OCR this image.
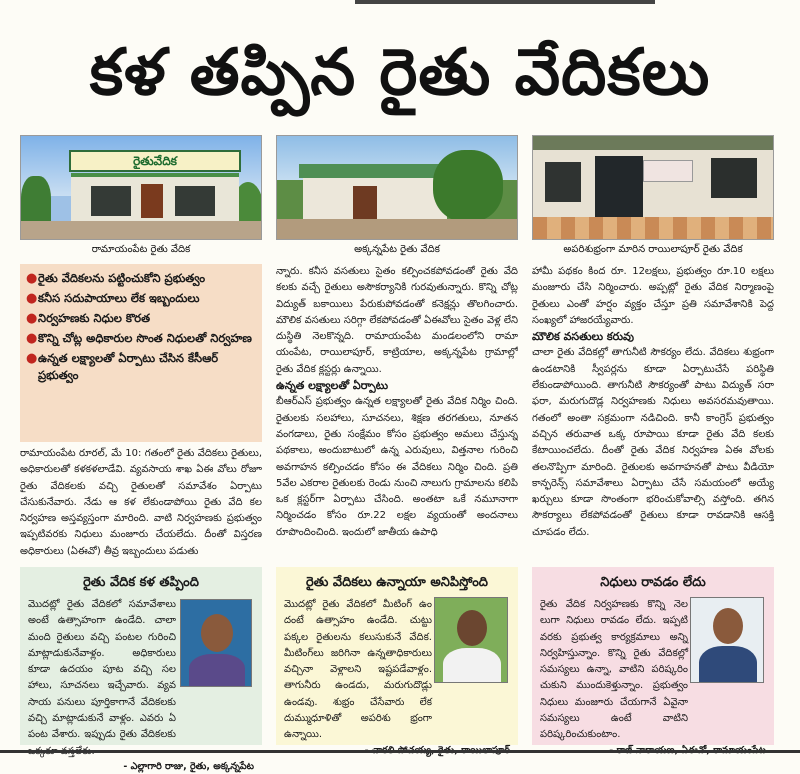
కళ తప్పిన రైతు వేదికలు
రైతువేదిక
రామాయంపేట రైతు వేదిక	అక్కన్నపేట రైతు వేదిక	అపరిశుభ్రంగా మారిన రాయిలాపూర్‌ రైతు వేదిక
● రైతు వేదికలను పట్టించుకోని ప్రభుత్వం
● కనీస సదుపాయాలు లేక ఇబ్బందులు
● నిర్వహణకు నిధుల కొరత
● కొన్ని చోట్ల అధికారుల సొంత నిధులతో నిర్వహణ
● ఉన్నత లక్ష్యాలతో ఏర్పాటు చేసిన కేసీఆర్‌ ప్రభుత్వం

రామాయంపేట రూరల్‌, మే 10: గతంలో రైతు వేదికలు రైతులు, అధికారులతో కళకళలాడేవి. వ్యవసాయ శాఖ ఏఈ వోలు రోజూ రైతు వేదికలకు వచ్చి రైతులతో సమావేశం ఏర్పాటు చేసుకునేవారు. నేడు ఆ కళ లేకుండాపోయి రైతు వేది కల నిర్వహణ అస్తవ్యస్తంగా మారింది. వాటి నిర్వహణకు ప్రభుత్వం ఇప్పటివరకు నిధులు మంజూరు చేయలేదు. దీంతో విస్తరణ అధికారులు (ఏఈవో) తీవ్ర ఇబ్బందులు పడుతు

న్నారు. కనీస వసతులు సైతం కల్పించకపోవడంతో రైతు వేది కలకు వచ్చే రైతులు అసౌకర్యానికి గురవుతున్నారు. కొన్ని చోట్ల విద్యుత్‌ బకాయిలు పేరుకుపోవడంతో కనెక్షన్లు తొలగించారు. మౌలిక వసతులు సరిగ్గా లేకపోవడంతో ఏఈవోలు సైతం వెళ్ల లేని దుస్థితి నెలకొన్నది. రామాయంపేట మండలంలోని రామా యంపేట, రాయిలాపూర్‌, కాట్రియాల, అక్కన్నపేట గ్రామాల్లో రైతు వేదిక క్లస్టర్లు ఉన్నాయి.

ఉన్నత లక్ష్యాలతో ఏర్పాటు

బీఆర్‌ఎస్‌ ప్రభుత్వం ఉన్నత లక్ష్యాలతో రైతు వేదిక నిర్మిం చింది. రైతులకు సలహాలు, సూచనలు, శిక్షణ తరగతులు, నూతన వంగడాలు, రైతు సంక్షేమం కోసం ప్రభుత్వం అమలు చేస్తున్న పథకాలు, అందుబాటులో ఉన్న ఎరువులు, విత్తనాల గురించి అవగాహన కల్పించడం కోసం ఈ వేదికలు నిర్మిం చింది. ప్రతి 5వేల ఎకరాల రైతులకు రెండు నుంచి నాలుగు గ్రామాలను కలిపి ఒక క్లస్టర్‌గా ఏర్పాటు చేసింది. అంతటా ఒకే నమూనాగా నిర్మించడం కోసం రూ.22 లక్షల వ్యయంతో అందనాలు రూపొందించింది. ఇందులో జాతీయ ఉపాధి

హామీ పథకం కింద రూ. 12లక్షలు, ప్రభుత్వం రూ.10 లక్షలు మంజూరు చేసి నిర్మించారు. అప్పట్లో రైతు వేదిక నిర్మాణంపై రైతులు ఎంతో హర్షం వ్యక్తం చేస్తూ ప్రతి సమావేశానికి పెద్ద సంఖ్యలో హాజరయ్యేవారు.

మౌలిక వసతులు కరువు

చాలా రైతు వేదికల్లో తాగునీటి సౌకర్యం లేదు. వేదికలు శుభ్రంగా ఉండటానికి స్వీపర్లను కూడా ఏర్పాటుచేసే పరిస్థితి లేకుండాపోయింది. తాగునీటి సౌకర్యంతో పాటు విద్యుత్‌ సరా ఫరా, మరుగుదొడ్ల నిర్వహణకు నిధులు అవసరమవుతాయి. గతంలో అంతా సక్రమంగా నడిచింది. కానీ కాంగ్రెస్‌ ప్రభుత్వం వచ్చిన తరువాత ఒక్క రూపాయి కూడా రైతు వేది కలకు కేటాయించలేదు. దీంతో రైతు వేదిక నిర్వహణ ఏఈ వోలకు తలనొప్పిగా మారింది. రైతులకు అవగాహనతో పాటు వీడియో కాన్ఫరెన్స్‌ సమావేశాలు ఏర్పాటు చేసే సమయంలో అయ్యే ఖర్చులు కూడా సొంతంగా భరించుకోవాల్సి వస్తోంది. తగిన సౌకర్యాలు లేకపోవడంతో రైతులు కూడా రావడానికి ఆసక్తి చూపడం లేదు.

రైతు వేదిక కళ తప్పింది
మొదట్లో రైతు వేదికలో సమావేశాలు అంటే ఉత్సాహంగా ఉండేది. చాలా మంది రైతులు వచ్చి పంటల గురించి మాట్లాడుకునేవాళ్లం. అధికారులు కూడా ఉదయం పూట వచ్చి సల హాలు, సూచనలు ఇచ్చేవారు. వ్యవ సాయ పనులు పూర్తికాగానే వేదికలకు వచ్చి మాట్లాడుకునే వాళ్లం. ఎవరు ఏ పంట వేశారు. ఇప్పుడు రైతు వేదికలకు
- ఎల్లాగారి రాజు, రైతు, అక్కన్నపేట
రైతు వేదికలు ఉన్నాయా అనిపిస్తోంది
మొదట్లో రైతు వేదికలో మీటింగ్‌ ఉం దంటే ఉత్సాహం ఉండేది. చుట్టు పక్కల రైతులను కలుసుకునే వేదిక. మీటింగ్‌లు జరిగినా ఉన్నతాధికారులు వచ్చినా వెళ్లాలని ఇష్టపడేవాళ్లం. తాగునీరు ఉండదు, మరుగుదొడ్లు ఉండవు. శుభ్రం చేసేవారు లేక దుమ్ముధూళితో అపరిశు భ్రంగా ఉన్నాయి.
నిధులు రావడం లేదు
రైతు వేదిక నిర్వహణకు కొన్ని నెల లుగా నిధులు రావడం లేదు. ఇప్పటి వరకు ప్రభుత్వ కార్యక్రమాలు అన్ని నిర్వహిస్తున్నాం. కొన్ని రైతు వేదికల్లో సమస్యలు ఉన్నా, వాటిని పరిష్కరిం చుకుని ముందుకెళ్తున్నాం. ప్రభుత్వం నిధులు మంజూరు చేయగానే ఏవైనా సమస్యలు ఉంటే వాటిని పరిష్కరించుకుంటాం.
